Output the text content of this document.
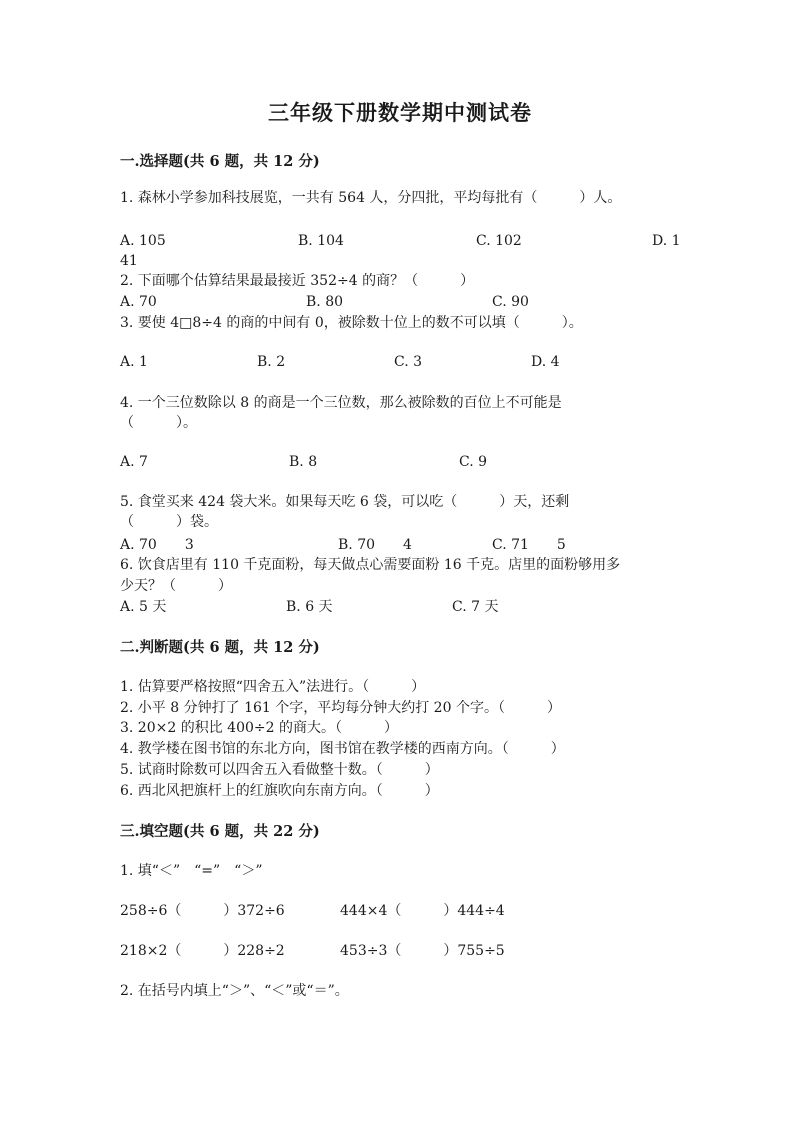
三年级下册数学期中测试卷
一.选择题(共 6 题，共 12 分)
1. 森林小学参加科技展览，一共有 564 人，分四批，平均每批有（　　　）人。
A. 105	B. 104	C. 102	D. 1
41
2. 下面哪个估算结果最最接近 352÷4 的商？（　　　）
A. 70	B. 80	C. 90
3. 要使 4□8÷4 的商的中间有 0，被除数十位上的数不可以填（　　　）。
A. 1	B. 2	C. 3	D. 4
4. 一个三位数除以 8 的商是一个三位数，那么被除数的百位上不可能是
（　　　）。
A. 7	B. 8	C. 9
5. 食堂买来 424 袋大米。如果每天吃 6 袋，可以吃（　　　）天，还剩
（　　　）袋。
A. 70　　3	B. 70　　4	C. 71　　5
6. 饮食店里有 110 千克面粉，每天做点心需要面粉 16 千克。店里的面粉够用多
少天？（　　　）
A. 5 天	B. 6 天	C. 7 天
二.判断题(共 6 题，共 12 分)
1. 估算要严格按照“四舍五入”法进行。（　　　）
2. 小平 8 分钟打了 161 个字，平均每分钟大约打 20 个字。（　　　）
3. 20×2 的积比 400÷2 的商大。（　　　）
4. 教学楼在图书馆的东北方向，图书馆在教学楼的西南方向。（　　　）
5. 试商时除数可以四舍五入看做整十数。（　　　）
6. 西北风把旗杆上的红旗吹向东南方向。（　　　）
三.填空题(共 6 题，共 22 分)
1. 填“＜”　“=”　“＞”
258÷6（　　　）372÷6	444×4（　　　）444÷4
218×2（　　　）228÷2	453÷3（　　　）755÷5
2. 在括号内填上“＞”、“＜”或“＝”。
